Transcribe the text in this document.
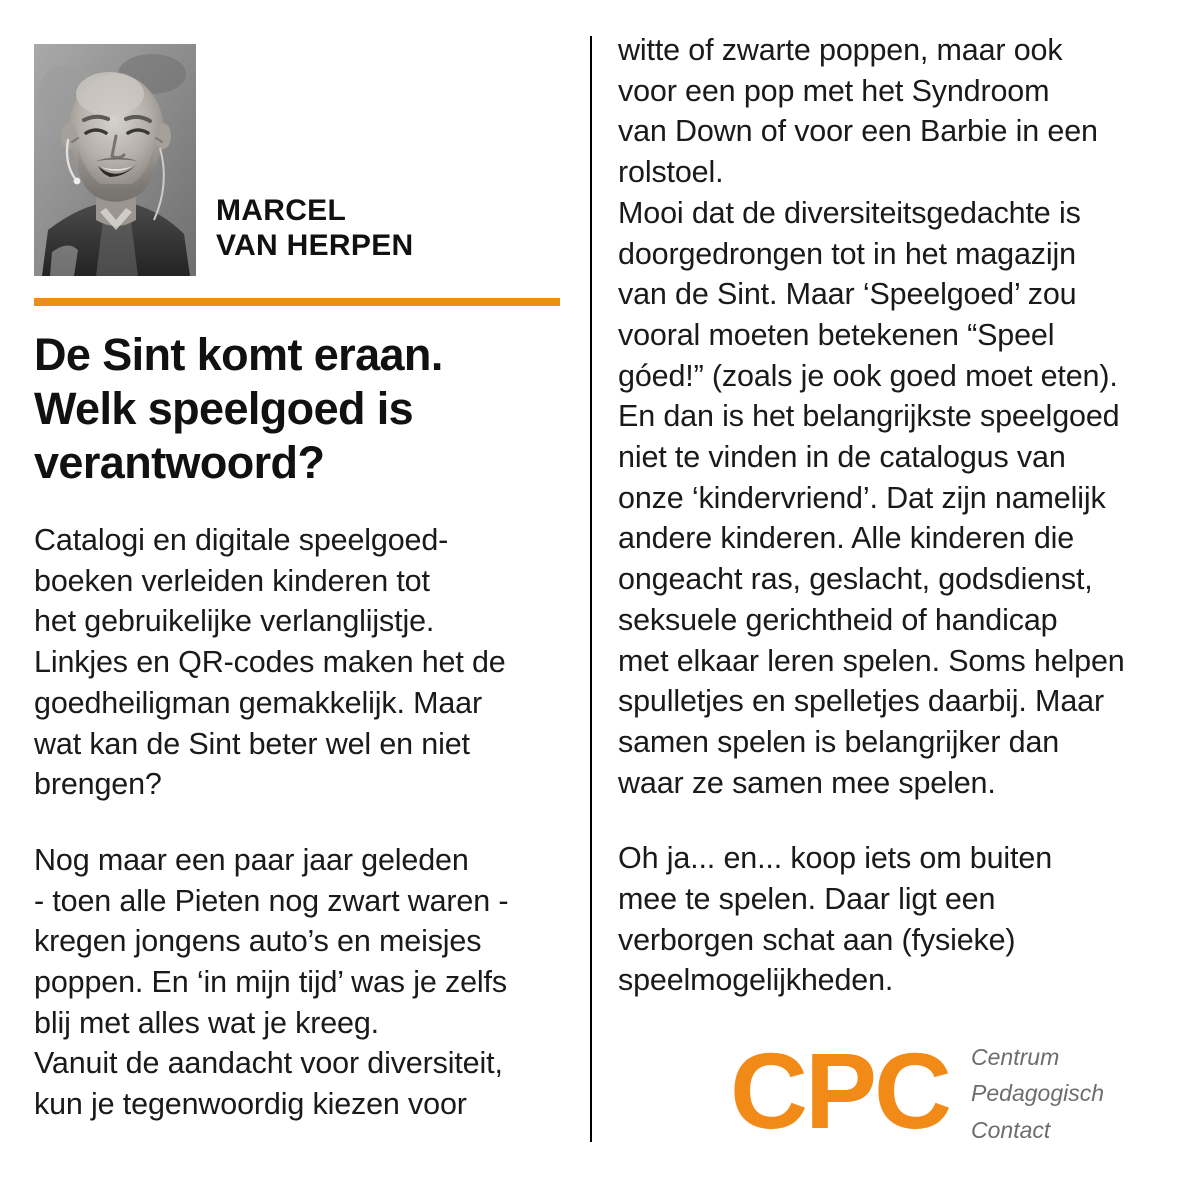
MARCEL
VAN HERPEN
De Sint komt eraan.
Welk speelgoed is
verantwoord?

Catalogi en digitale speelgoed-
boeken verleiden kinderen tot
het gebruikelijke verlanglijstje.
Linkjes en QR-codes maken het de
goedheiligman gemakkelijk. Maar
wat kan de Sint beter wel en niet
brengen?

Nog maar een paar jaar geleden
- toen alle Pieten nog zwart waren -
kregen jongens auto’s en meisjes
poppen. En ‘in mijn tijd’ was je zelfs
blij met alles wat je kreeg.
Vanuit de aandacht voor diversiteit,
kun je tegenwoordig kiezen voor

witte of zwarte poppen, maar ook
voor een pop met het Syndroom
van Down of voor een Barbie in een
rolstoel.
Mooi dat de diversiteitsgedachte is
doorgedrongen tot in het magazijn
van de Sint. Maar ‘Speelgoed’ zou
vooral moeten betekenen “Speel
góed!” (zoals je ook goed moet eten).
En dan is het belangrijkste speelgoed
niet te vinden in de catalogus van
onze ‘kindervriend’. Dat zijn namelijk
andere kinderen. Alle kinderen die
ongeacht ras, geslacht, godsdienst,
seksuele gerichtheid of handicap
met elkaar leren spelen. Soms helpen
spulletjes en spelletjes daarbij. Maar
samen spelen is belangrijker dan
waar ze samen mee spelen.

Oh ja... en... koop iets om buiten
mee te spelen. Daar ligt een
verborgen schat aan (fysieke)
speelmogelijkheden.

CPC Centrum
Pedagogisch
Contact
